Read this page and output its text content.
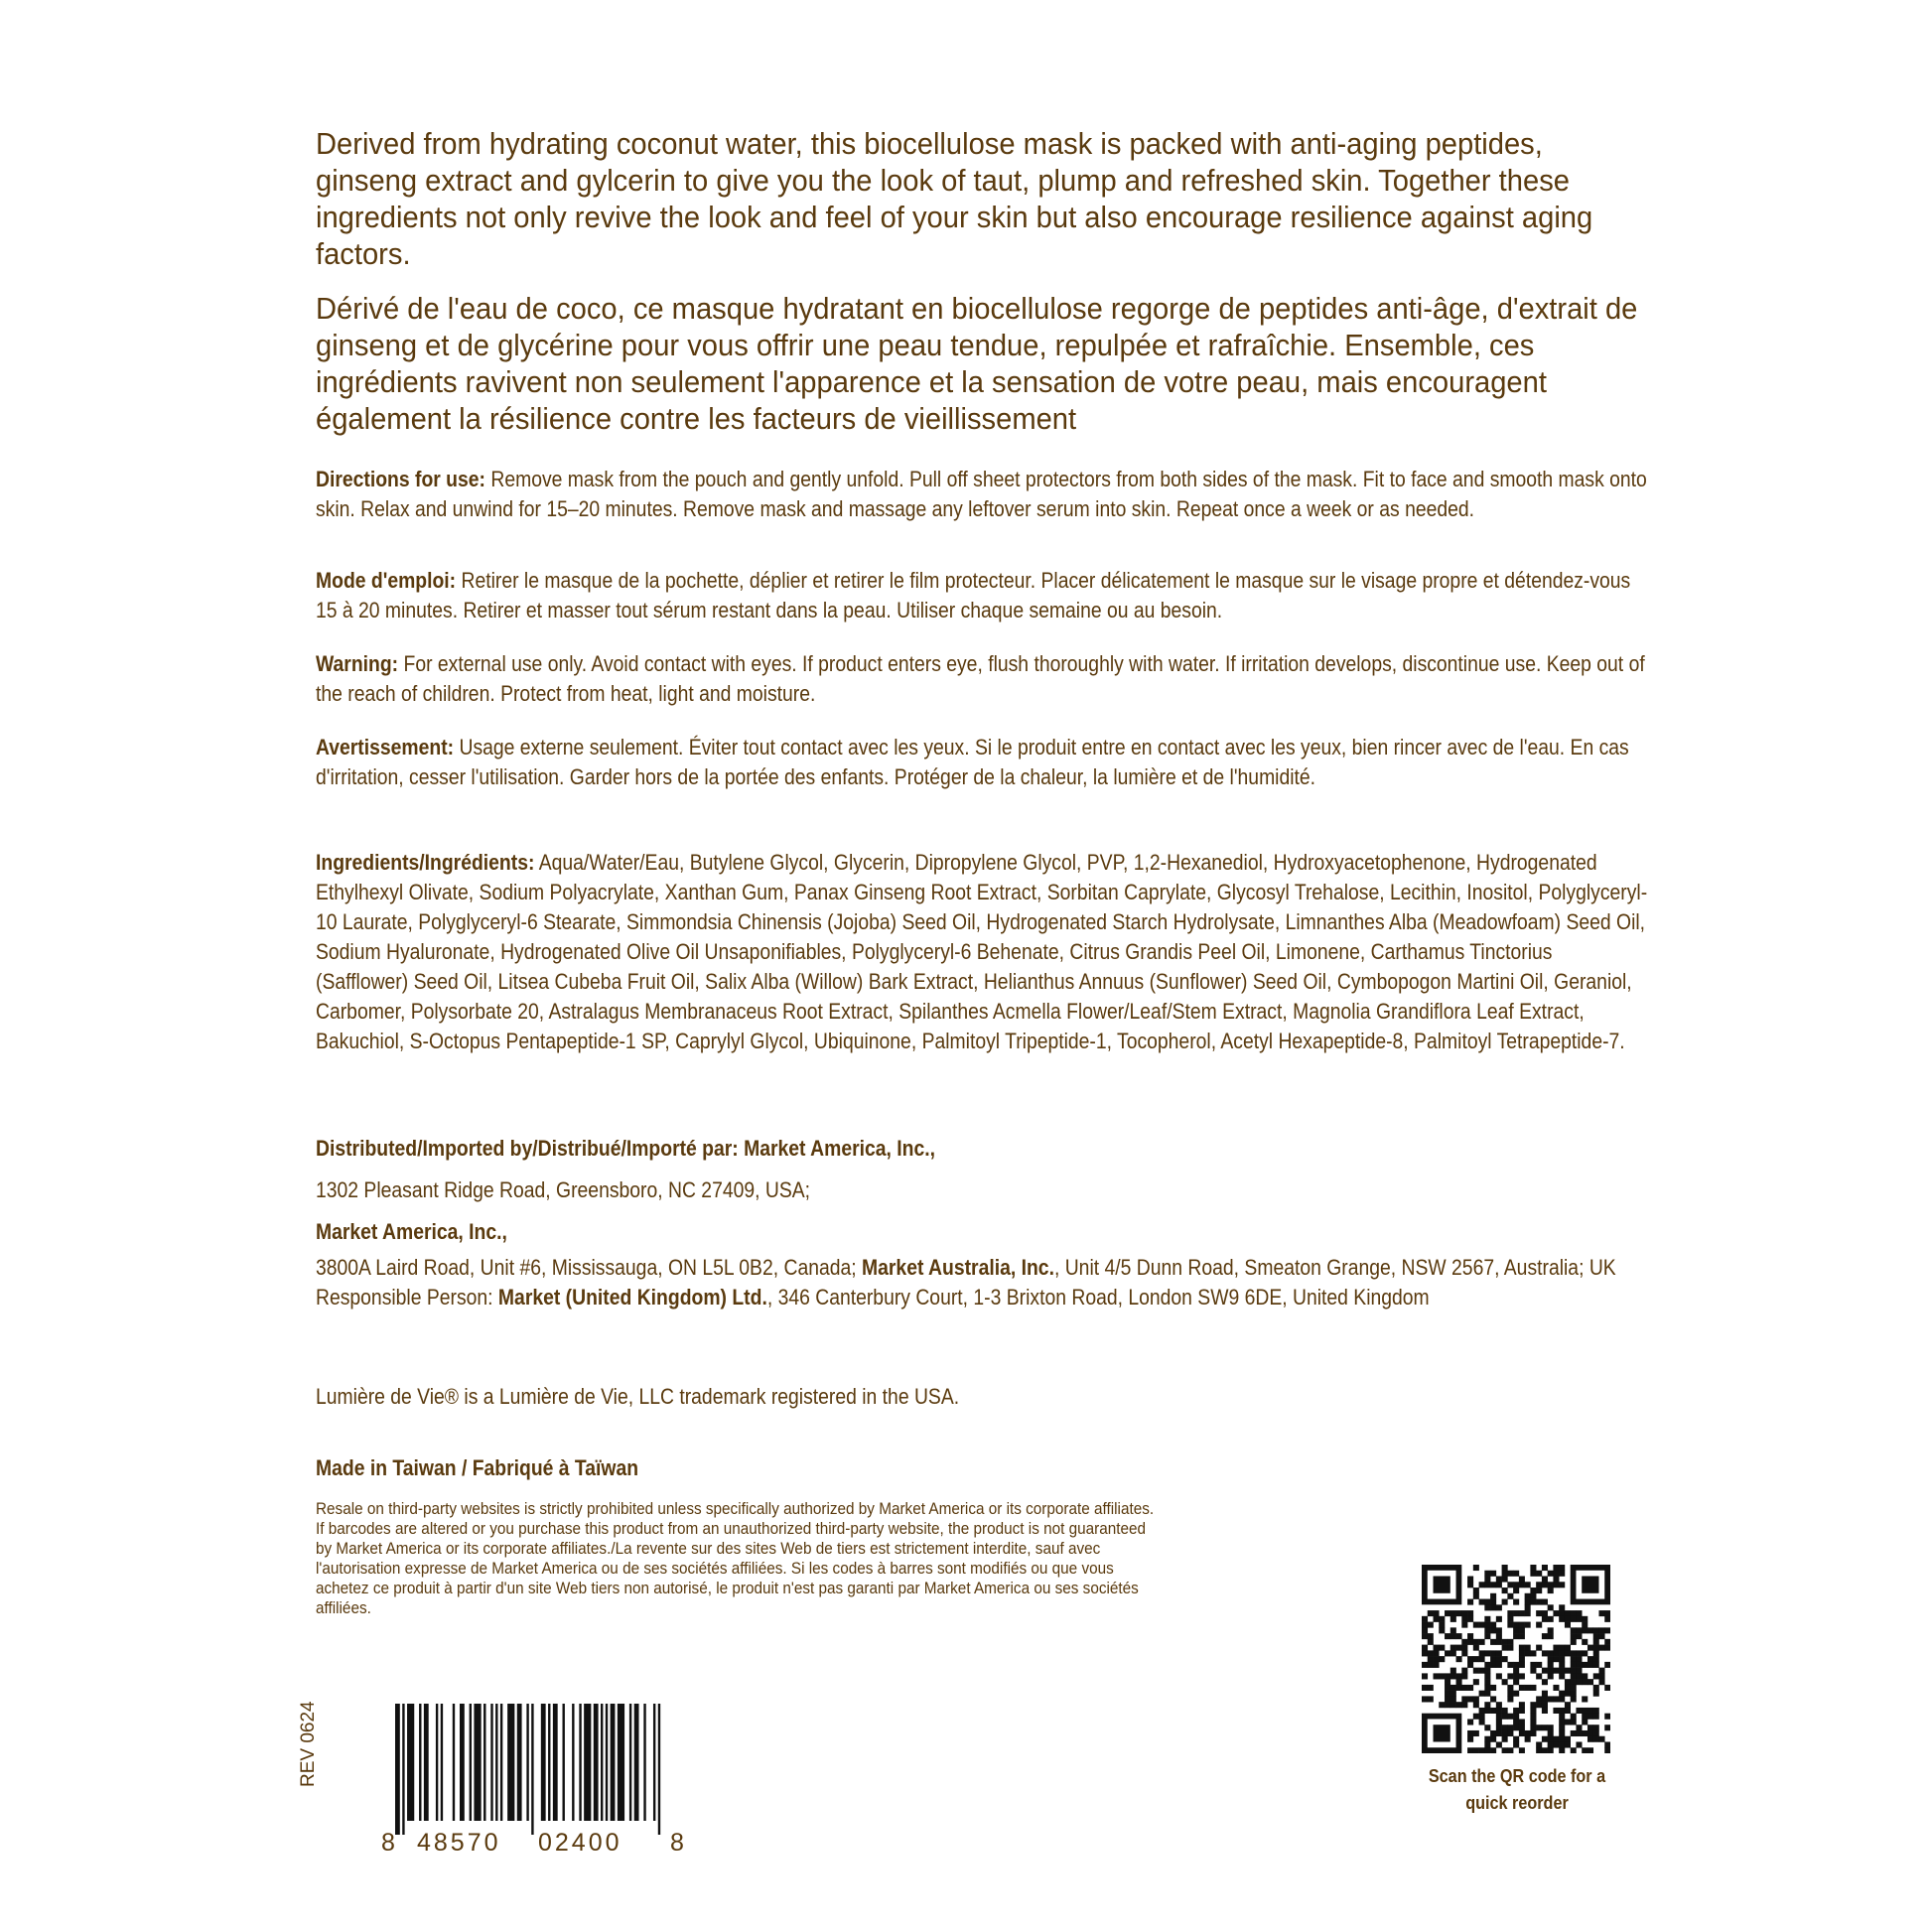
Derived from hydrating coconut water, this biocellulose mask is packed with anti-aging peptides, ginseng extract and gylcerin to give you the look of taut, plump and refreshed skin. Together these ingredients not only revive the look and feel of your skin but also encourage resilience against aging factors.
Dérivé de l'eau de coco, ce masque hydratant en biocellulose regorge de peptides anti-âge, d'extrait de ginseng et de glycérine pour vous offrir une peau tendue, repulpée et rafraîchie. Ensemble, ces ingrédients ravivent non seulement l'apparence et la sensation de votre peau, mais encouragent également la résilience contre les facteurs de vieillissement
Directions for use: Remove mask from the pouch and gently unfold. Pull off sheet protectors from both sides of the mask. Fit to face and smooth mask onto skin. Relax and unwind for 15–20 minutes. Remove mask and massage any leftover serum into skin. Repeat once a week or as needed.
Mode d'emploi: Retirer le masque de la pochette, déplier et retirer le film protecteur. Placer délicatement le masque sur le visage propre et détendez-vous 15 à 20 minutes. Retirer et masser tout sérum restant dans la peau. Utiliser chaque semaine ou au besoin.
Warning: For external use only. Avoid contact with eyes. If product enters eye, flush thoroughly with water. If irritation develops, discontinue use. Keep out of the reach of children. Protect from heat, light and moisture.
Avertissement: Usage externe seulement. Éviter tout contact avec les yeux. Si le produit entre en contact avec les yeux, bien rincer avec de l'eau. En cas d'irritation, cesser l'utilisation. Garder hors de la portée des enfants. Protéger de la chaleur, la lumière et de l'humidité.
Ingredients/Ingrédients: Aqua/Water/Eau, Butylene Glycol, Glycerin, Dipropylene Glycol, PVP, 1,2-Hexanediol, Hydroxyacetophenone, Hydrogenated Ethylhexyl Olivate, Sodium Polyacrylate, Xanthan Gum, Panax Ginseng Root Extract, Sorbitan Caprylate, Glycosyl Trehalose, Lecithin, Inositol, Polyglyceryl-10 Laurate, Polyglyceryl-6 Stearate, Simmondsia Chinensis (Jojoba) Seed Oil, Hydrogenated Starch Hydrolysate, Limnanthes Alba (Meadowfoam) Seed Oil, Sodium Hyaluronate, Hydrogenated Olive Oil Unsaponifiables, Polyglyceryl-6 Behenate, Citrus Grandis Peel Oil, Limonene, Carthamus Tinctorius (Safflower) Seed Oil, Litsea Cubeba Fruit Oil, Salix Alba (Willow) Bark Extract, Helianthus Annuus (Sunflower) Seed Oil, Cymbopogon Martini Oil, Geraniol, Carbomer, Polysorbate 20, Astralagus Membranaceus Root Extract, Spilanthes Acmella Flower/Leaf/Stem Extract, Magnolia Grandiflora Leaf Extract, Bakuchiol, S-Octopus Pentapeptide-1 SP, Caprylyl Glycol, Ubiquinone, Palmitoyl Tripeptide-1, Tocopherol, Acetyl Hexapeptide-8, Palmitoyl Tetrapeptide-7.
Distributed/Imported by/Distribué/Importé par: Market America, Inc.,
1302 Pleasant Ridge Road, Greensboro, NC 27409, USA;
Market America, Inc.,
3800A Laird Road, Unit #6, Mississauga, ON L5L 0B2, Canada; Market Australia, Inc., Unit 4/5 Dunn Road, Smeaton Grange, NSW 2567, Australia; UK Responsible Person: Market (United Kingdom) Ltd., 346 Canterbury Court, 1-3 Brixton Road, London SW9 6DE, United Kingdom
Lumière de Vie® is a Lumière de Vie, LLC trademark registered in the USA.
Made in Taiwan / Fabriqué à Taïwan
Resale on third-party websites is strictly prohibited unless specifically authorized by Market America or its corporate affiliates. If barcodes are altered or you purchase this product from an unauthorized third-party website, the product is not guaranteed by Market America or its corporate affiliates./La revente sur des sites Web de tiers est strictement interdite, sauf avec l'autorisation expresse de Market America ou de ses sociétés affiliées. Si les codes à barres sont modifiés ou que vous achetez ce produit à partir d'un site Web tiers non autorisé, le produit n'est pas garanti par Market America ou ses sociétés affiliées.
Scan the QR code for a quick reorder
8 48570 02400 8
REV 0624
